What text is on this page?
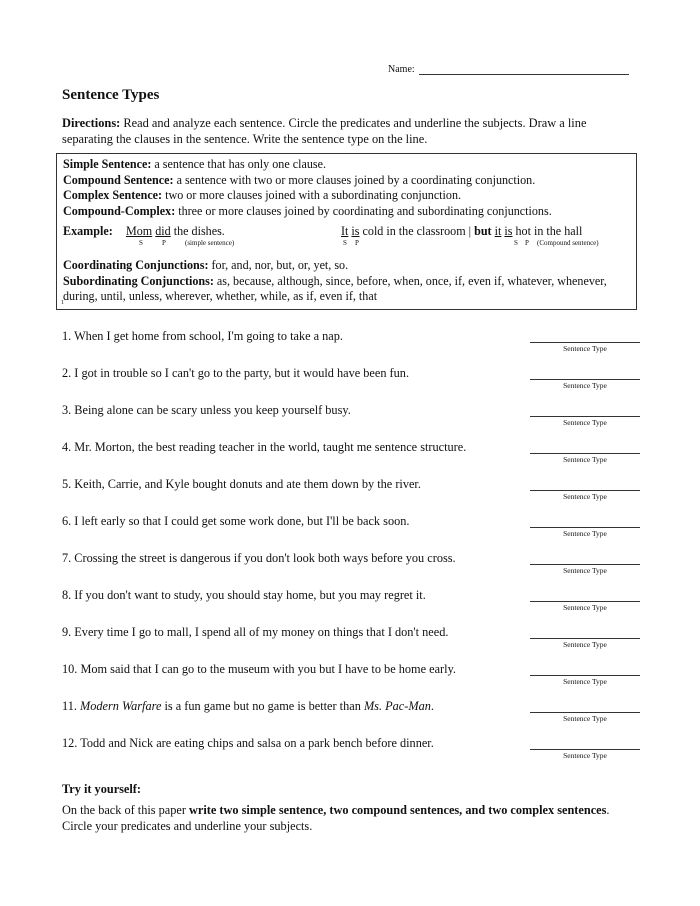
Name:
Sentence Types
Directions: Read and analyze each sentence. Circle the predicates and underline the subjects. Draw a line separating the clauses in the sentence. Write the sentence type on the line.
Simple Sentence: a sentence that has only one clause.
Compound Sentence: a sentence with two or more clauses joined by a coordinating conjunction.
Complex Sentence: two or more clauses joined with a subordinating conjunction.
Compound-Complex: three or more clauses joined by coordinating and subordinating conjunctions.
Example: Mom did the dishes.
S	P	(simple sentence)
It is cold in the classroom | but it is hot in the hall
S P	S P (Compound sentence)
Coordinating Conjunctions: for, and, nor, but, or, yet, so.
Subordinating Conjunctions: as, because, although, since, before, when, once, if, even if, whatever, whenever, during, until, unless, wherever, whether, while, as if, even if, that
1
1. When I get home from school, I'm going to take a nap.
Sentence Type
2. I got in trouble so I can't go to the party, but it would have been fun.
Sentence Type
3. Being alone can be scary unless you keep yourself busy.
Sentence Type
4. Mr. Morton, the best reading teacher in the world, taught me sentence structure.
Sentence Type
5. Keith, Carrie, and Kyle bought donuts and ate them down by the river.
Sentence Type
6. I left early so that I could get some work done, but I'll be back soon.
Sentence Type
7. Crossing the street is dangerous if you don't look both ways before you cross.
Sentence Type
8. If you don't want to study, you should stay home, but you may regret it.
Sentence Type
9. Every time I go to mall, I spend all of my money on things that I don't need.
Sentence Type
10. Mom said that I can go to the museum with you but I have to be home early.
Sentence Type
11. Modern Warfare is a fun game but no game is better than Ms. Pac-Man.
Sentence Type
12. Todd and Nick are eating chips and salsa on a park bench before dinner.
Sentence Type
Try it yourself:
On the back of this paper write two simple sentence, two compound sentences, and two complex sentences. Circle your predicates and underline your subjects.
